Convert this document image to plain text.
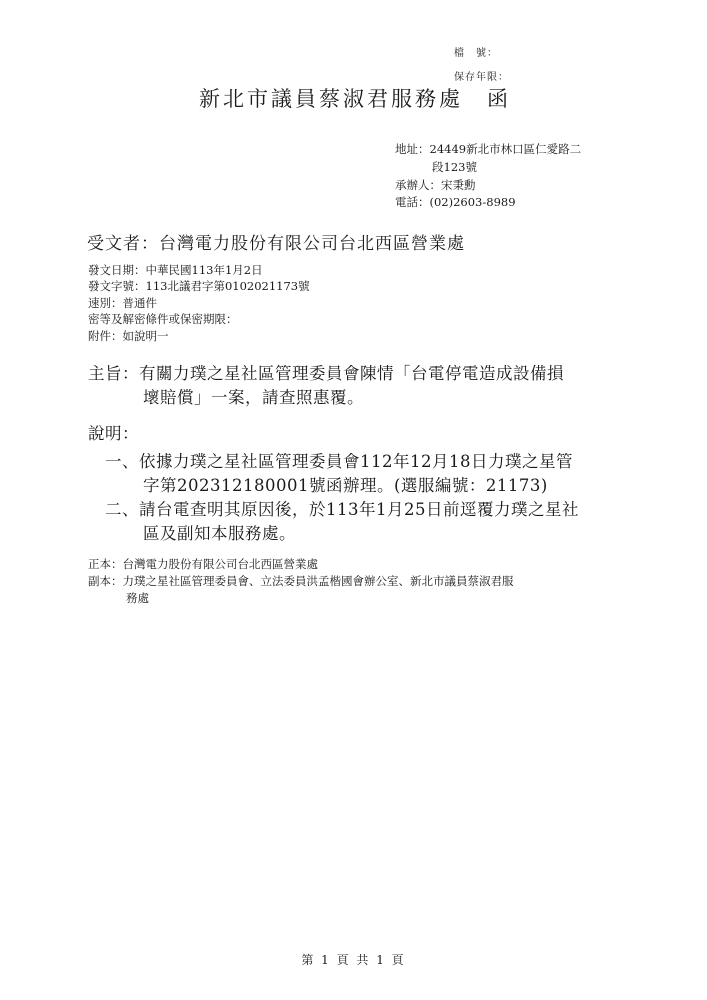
檔　號：
保存年限：
新北市議員蔡淑君服務處 函
地址：24449新北市林口區仁愛路二
段123號
承辦人：宋秉勳
電話：(02)2603-8989
受文者：台灣電力股份有限公司台北西區營業處
發文日期：中華民國113年1月2日
發文字號：113北議君字第0102021173號
速別：普通件
密等及解密條件或保密期限：
附件：如說明一
主旨：有關力璞之星社區管理委員會陳情「台電停電造成設備損
壞賠償」一案，請查照惠覆。
說明：
一、依據力璞之星社區管理委員會112年12月18日力璞之星管
字第202312180001號函辦理。(選服編號：21173)
二、請台電查明其原因後，於113年1月25日前逕覆力璞之星社
區及副知本服務處。
正本：台灣電力股份有限公司台北西區營業處
副本：力璞之星社區管理委員會、立法委員洪孟楷國會辦公室、新北市議員蔡淑君服
務處
第 1 頁 共 1 頁
